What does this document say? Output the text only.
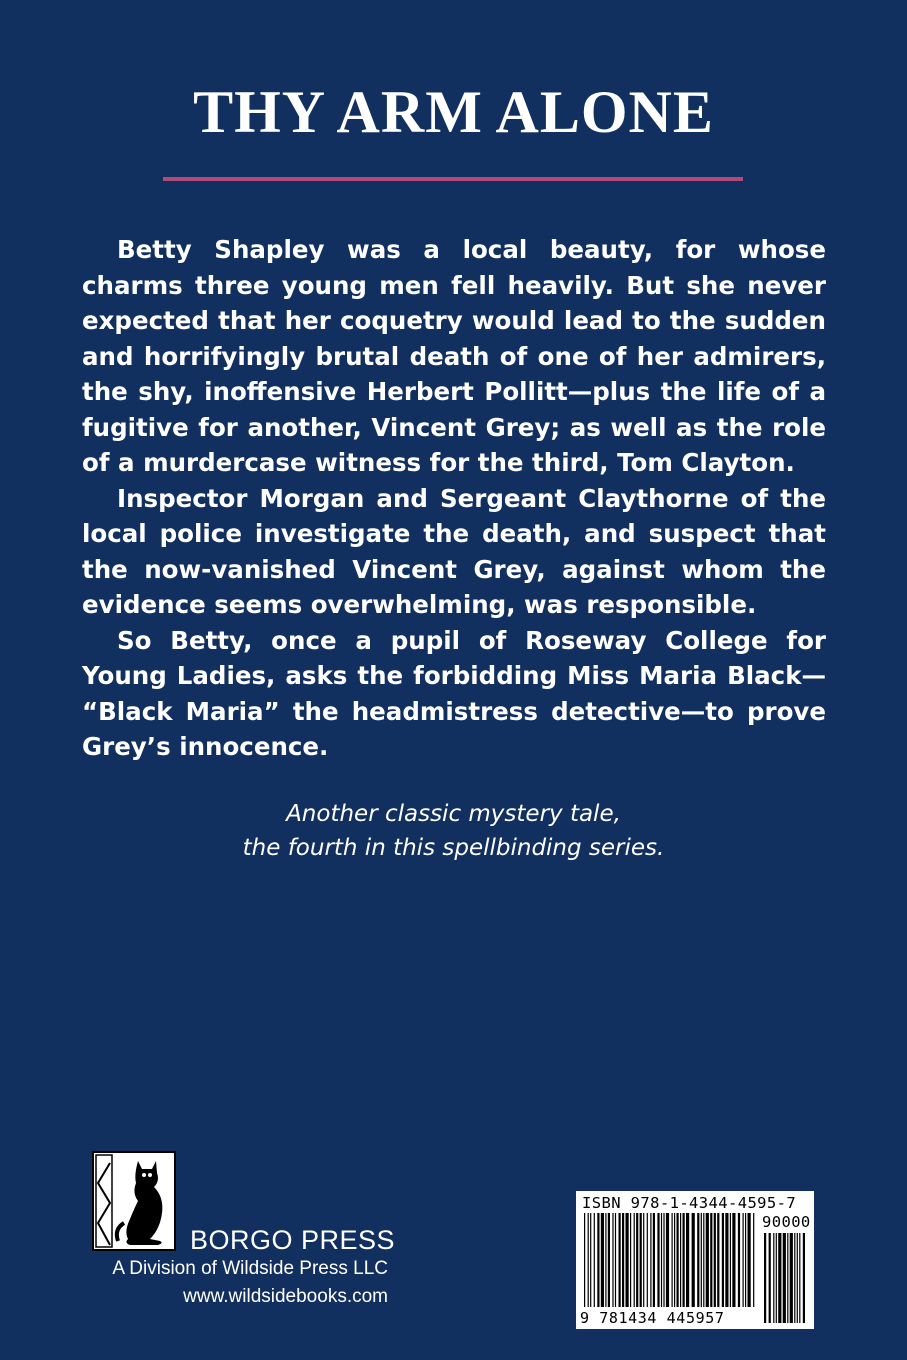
THY ARM ALONE

Betty Shapley was a local beauty, for whose charms three young men fell heavily. But she never expected that her coquetry would lead to the sudden and horrifyingly brutal death of one of her admirers, the shy, inoffensive Herbert Pollitt—plus the life of a fugitive for another, Vincent Grey; as well as the role of a murdercase witness for the third, Tom Clayton.

Inspector Morgan and Sergeant Claythorne of the local police investigate the death, and suspect that the now-vanished Vincent Grey, against whom the evidence seems overwhelming, was responsible.

So Betty, once a pupil of Roseway College for Young Ladies, asks the forbidding Miss Maria Black— “Black Maria” the headmistress detective—to prove Grey’s innocence.

Another classic mystery tale,
the fourth in this spellbinding series.
BORGO PRESS
A Division of Wildside Press LLC
www.wildsidebooks.com
ISBN 978-1-4344-4595-7
90000
9 781434 445957
